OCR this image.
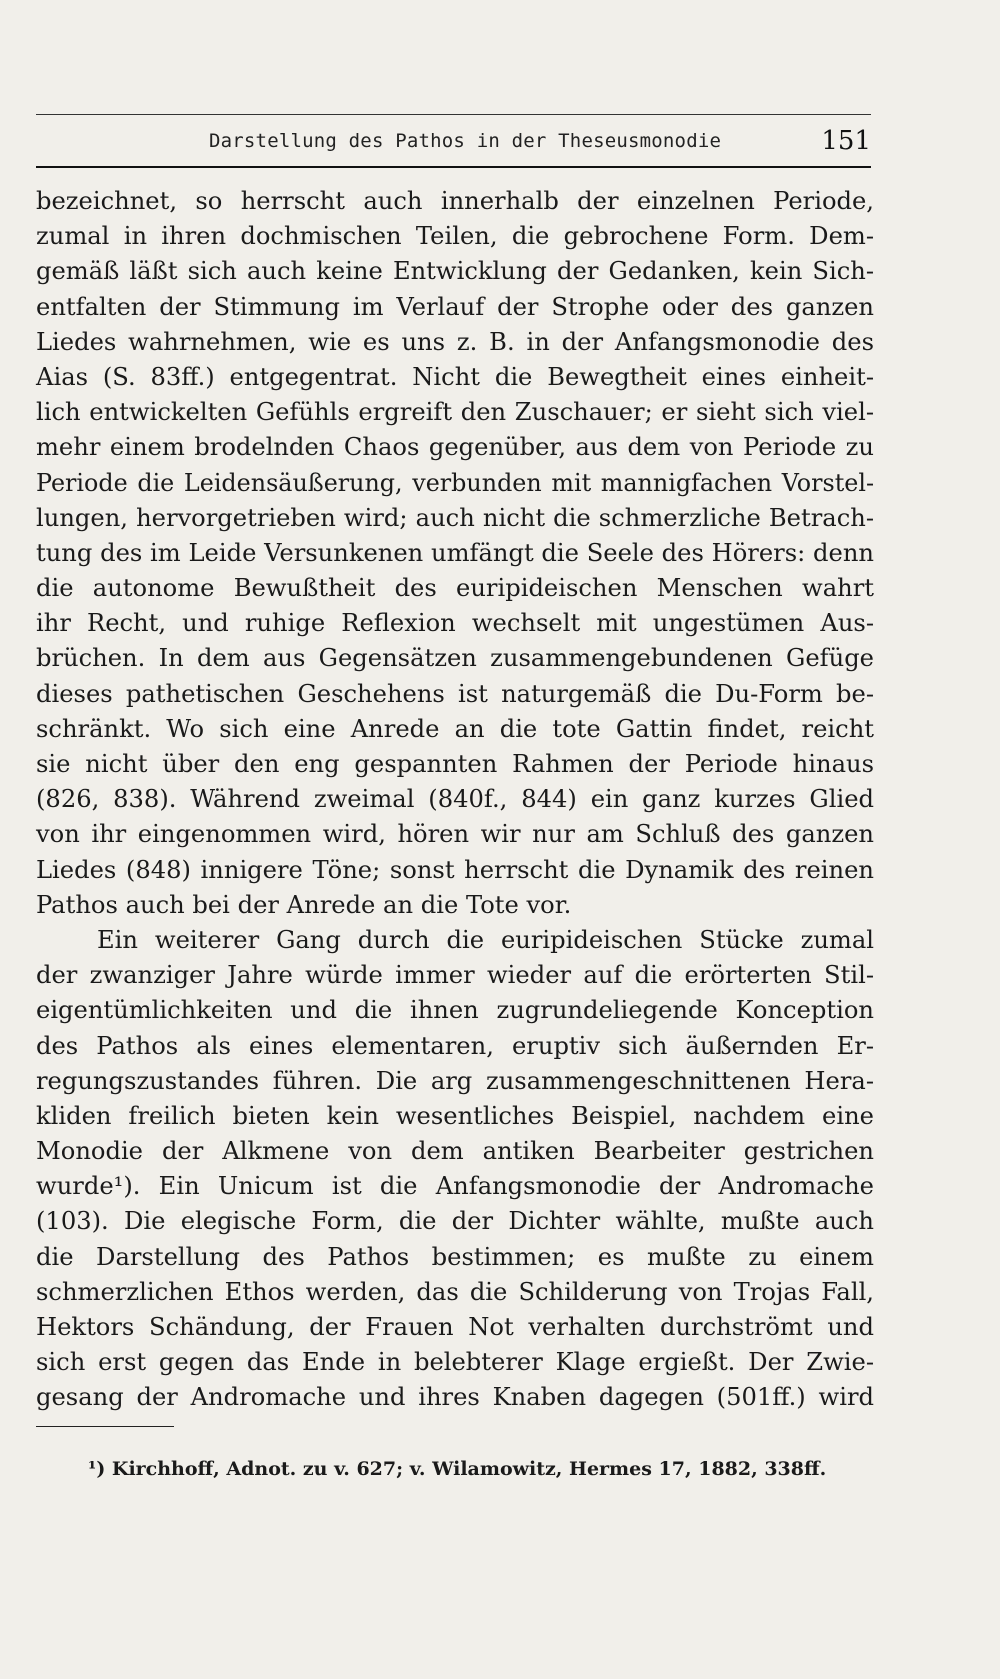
Darstellung des Pathos in der Theseusmonodie	151
bezeichnet, so herrscht auch innerhalb der einzelnen Periode,
zumal in ihren dochmischen Teilen, die gebrochene Form. Dem-
gemäß läßt sich auch keine Entwicklung der Gedanken, kein Sich-
entfalten der Stimmung im Verlauf der Strophe oder des ganzen
Liedes wahrnehmen, wie es uns z. B. in der Anfangsmonodie des
Aias (S. 83ff.) entgegentrat. Nicht die Bewegtheit eines einheit-
lich entwickelten Gefühls ergreift den Zuschauer; er sieht sich viel-
mehr einem brodelnden Chaos gegenüber, aus dem von Periode zu
Periode die Leidensäußerung, verbunden mit mannigfachen Vorstel-
lungen, hervorgetrieben wird; auch nicht die schmerzliche Betrach-
tung des im Leide Versunkenen umfängt die Seele des Hörers: denn
die autonome Bewußtheit des euripideischen Menschen wahrt
ihr Recht, und ruhige Reflexion wechselt mit ungestümen Aus-
brüchen. In dem aus Gegensätzen zusammengebundenen Gefüge
dieses pathetischen Geschehens ist naturgemäß die Du-Form be-
schränkt. Wo sich eine Anrede an die tote Gattin findet, reicht
sie nicht über den eng gespannten Rahmen der Periode hinaus
(826, 838). Während zweimal (840f., 844) ein ganz kurzes Glied
von ihr eingenommen wird, hören wir nur am Schluß des ganzen
Liedes (848) innigere Töne; sonst herrscht die Dynamik des reinen
Pathos auch bei der Anrede an die Tote vor.
Ein weiterer Gang durch die euripideischen Stücke zumal
der zwanziger Jahre würde immer wieder auf die erörterten Stil-
eigentümlichkeiten und die ihnen zugrundeliegende Konception
des Pathos als eines elementaren, eruptiv sich äußernden Er-
regungszustandes führen. Die arg zusammengeschnittenen Hera-
kliden freilich bieten kein wesentliches Beispiel, nachdem eine
Monodie der Alkmene von dem antiken Bearbeiter gestrichen
wurde¹). Ein Unicum ist die Anfangsmonodie der Andromache
(103). Die elegische Form, die der Dichter wählte, mußte auch
die Darstellung des Pathos bestimmen; es mußte zu einem
schmerzlichen Ethos werden, das die Schilderung von Trojas Fall,
Hektors Schändung, der Frauen Not verhalten durchströmt und
sich erst gegen das Ende in belebterer Klage ergießt. Der Zwie-
gesang der Andromache und ihres Knaben dagegen (501ff.) wird
¹) Kirchhoff, Adnot. zu v. 627; v. Wilamowitz, Hermes 17, 1882, 338ff.
